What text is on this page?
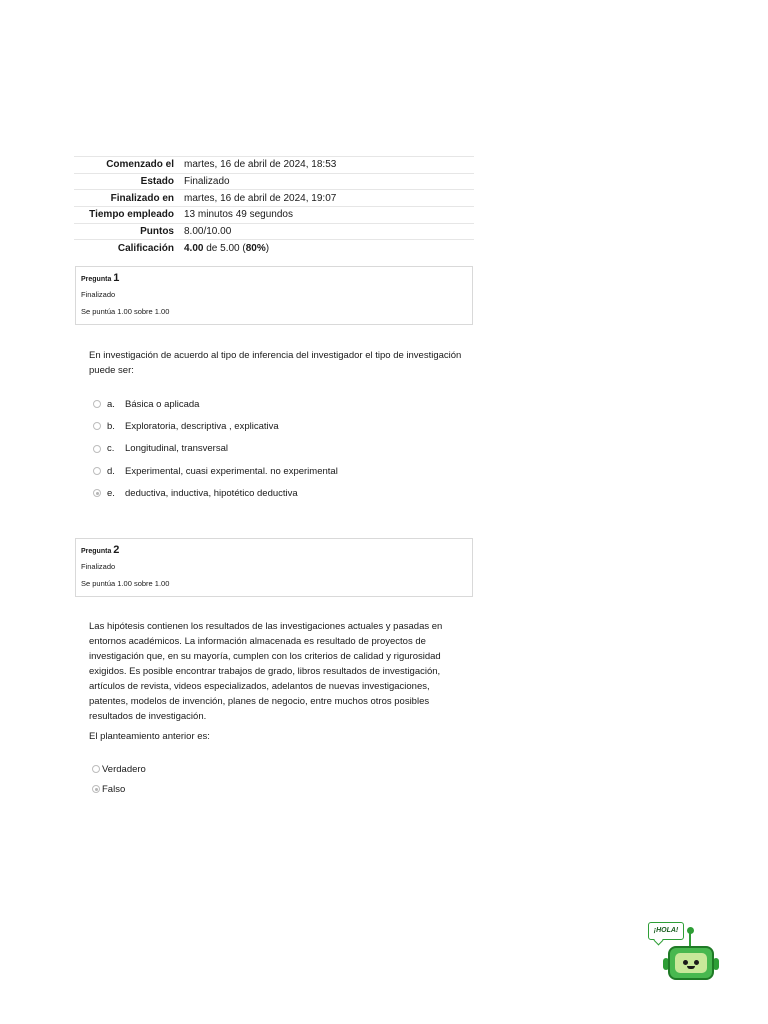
Comenzado el	martes, 16 de abril de 2024, 18:53
Estado	Finalizado
Finalizado en	martes, 16 de abril de 2024, 19:07
Tiempo empleado	13 minutos 49 segundos
Puntos	8.00/10.00
Calificación	4.00 de 5.00 (80%)
Pregunta 1
Finalizado
Se puntúa 1.00 sobre 1.00
En investigación de acuerdo al tipo de inferencia del investigador el tipo de investigación puede ser:
a.	Básica o aplicada
b.	Exploratoria, descriptiva , explicativa
c.	Longitudinal, transversal
d.	Experimental, cuasi experimental. no experimental
e.	deductiva, inductiva, hipotético deductiva
Pregunta 2
Finalizado
Se puntúa 1.00 sobre 1.00
Las hipótesis contienen los resultados de las investigaciones actuales y pasadas en entornos académicos. La información almacenada es resultado de proyectos de investigación que, en su mayoría, cumplen con los criterios de calidad y rigurosidad exigidos. Es posible encontrar trabajos de grado, libros resultados de investigación, artículos de revista, videos especializados, adelantos de nuevas investigaciones, patentes, modelos de invención, planes de negocio, entre muchos otros posibles resultados de investigación.
El planteamiento anterior es:
Verdadero
Falso
¡HOLA!
